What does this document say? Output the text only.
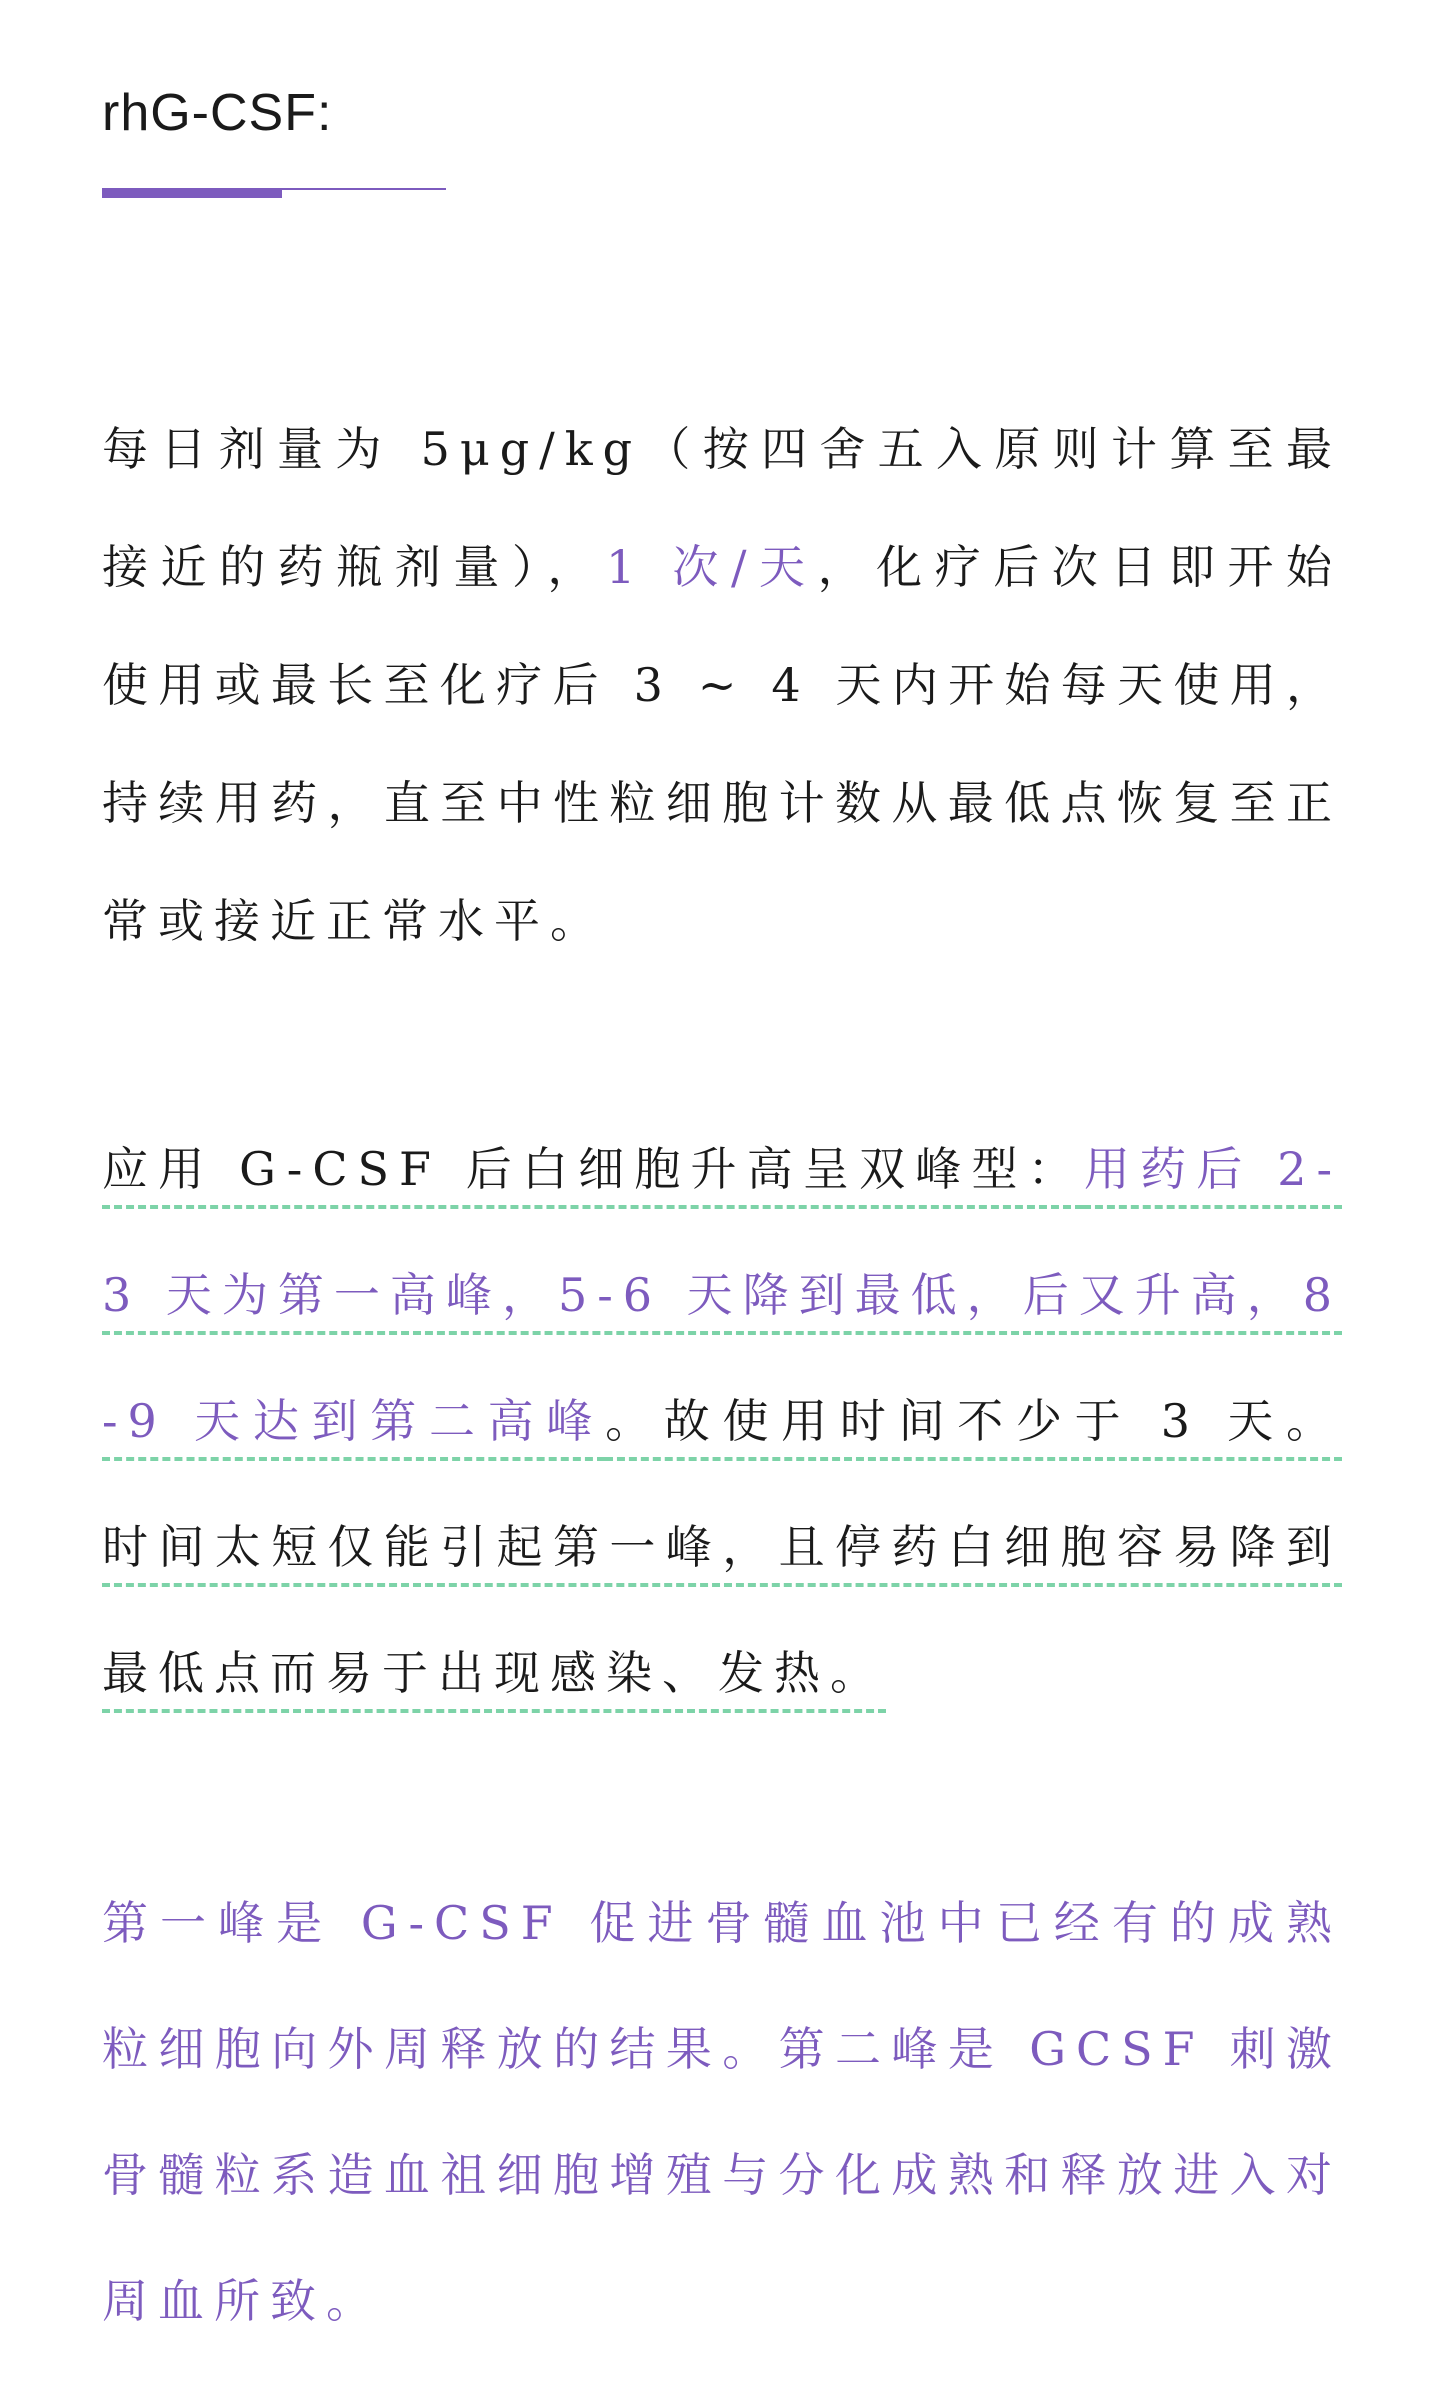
rhG-CSF:

每日剂量为 5μg/kg（按四舍五入原则计算至最接近的药瓶剂量），1 次/天，化疗后次日即开始使用或最长至化疗后 3 ~ 4 天内开始每天使用，持续用药，直至中性粒细胞计数从最低点恢复至正常或接近正常水平。

应用 G-CSF 后白细胞升高呈双峰型：用药后 2-3 天为第一高峰，5-6 天降到最低，后又升高，8-9 天达到第二高峰。故使用时间不少于 3 天。时间太短仅能引起第一峰，且停药白细胞容易降到最低点而易于出现感染、发热。

第一峰是 G-CSF 促进骨髓血池中已经有的成熟粒细胞向外周释放的结果。第二峰是 GCSF 刺激骨髓粒系造血祖细胞增殖与分化成熟和释放进入对周血所致。
